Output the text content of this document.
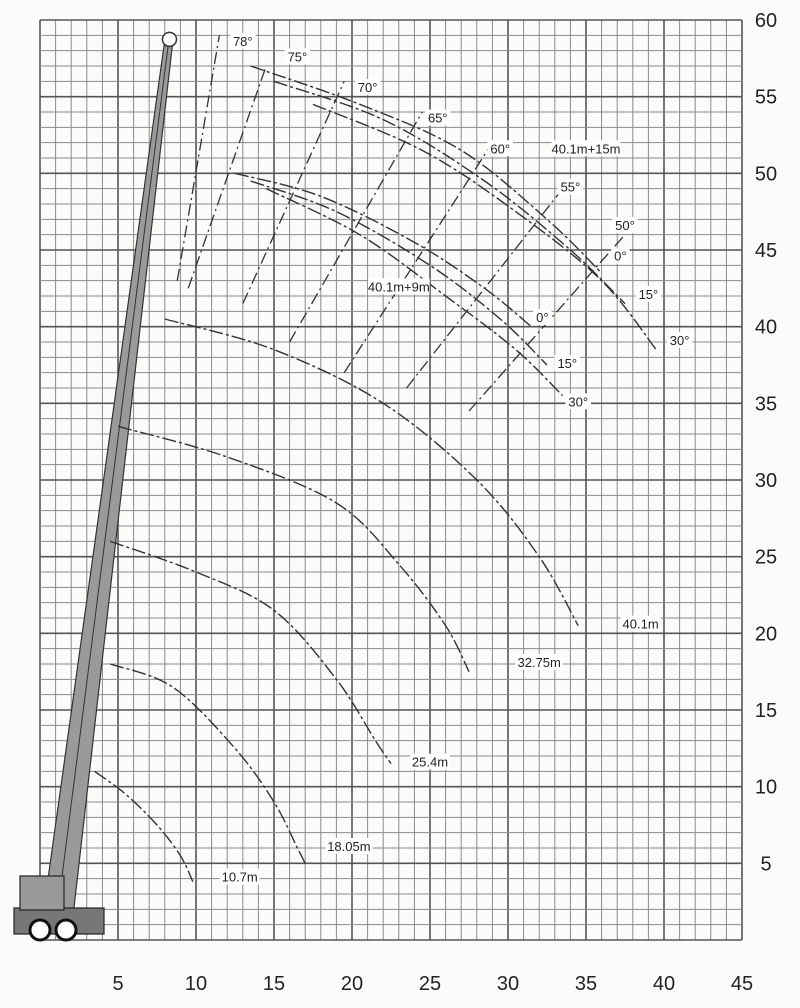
5	10	15	20	25	30	35	40	45
5
10
15
20
25
30
35
40
45
50
55
60
10.7m
18.05m
25.4m
32.75m
40.1m
78°
75°
70°
65°
60°
55°
50°
40.1m+15m
40.1m+9m
0°
15°
30°
0°
15°
30°
